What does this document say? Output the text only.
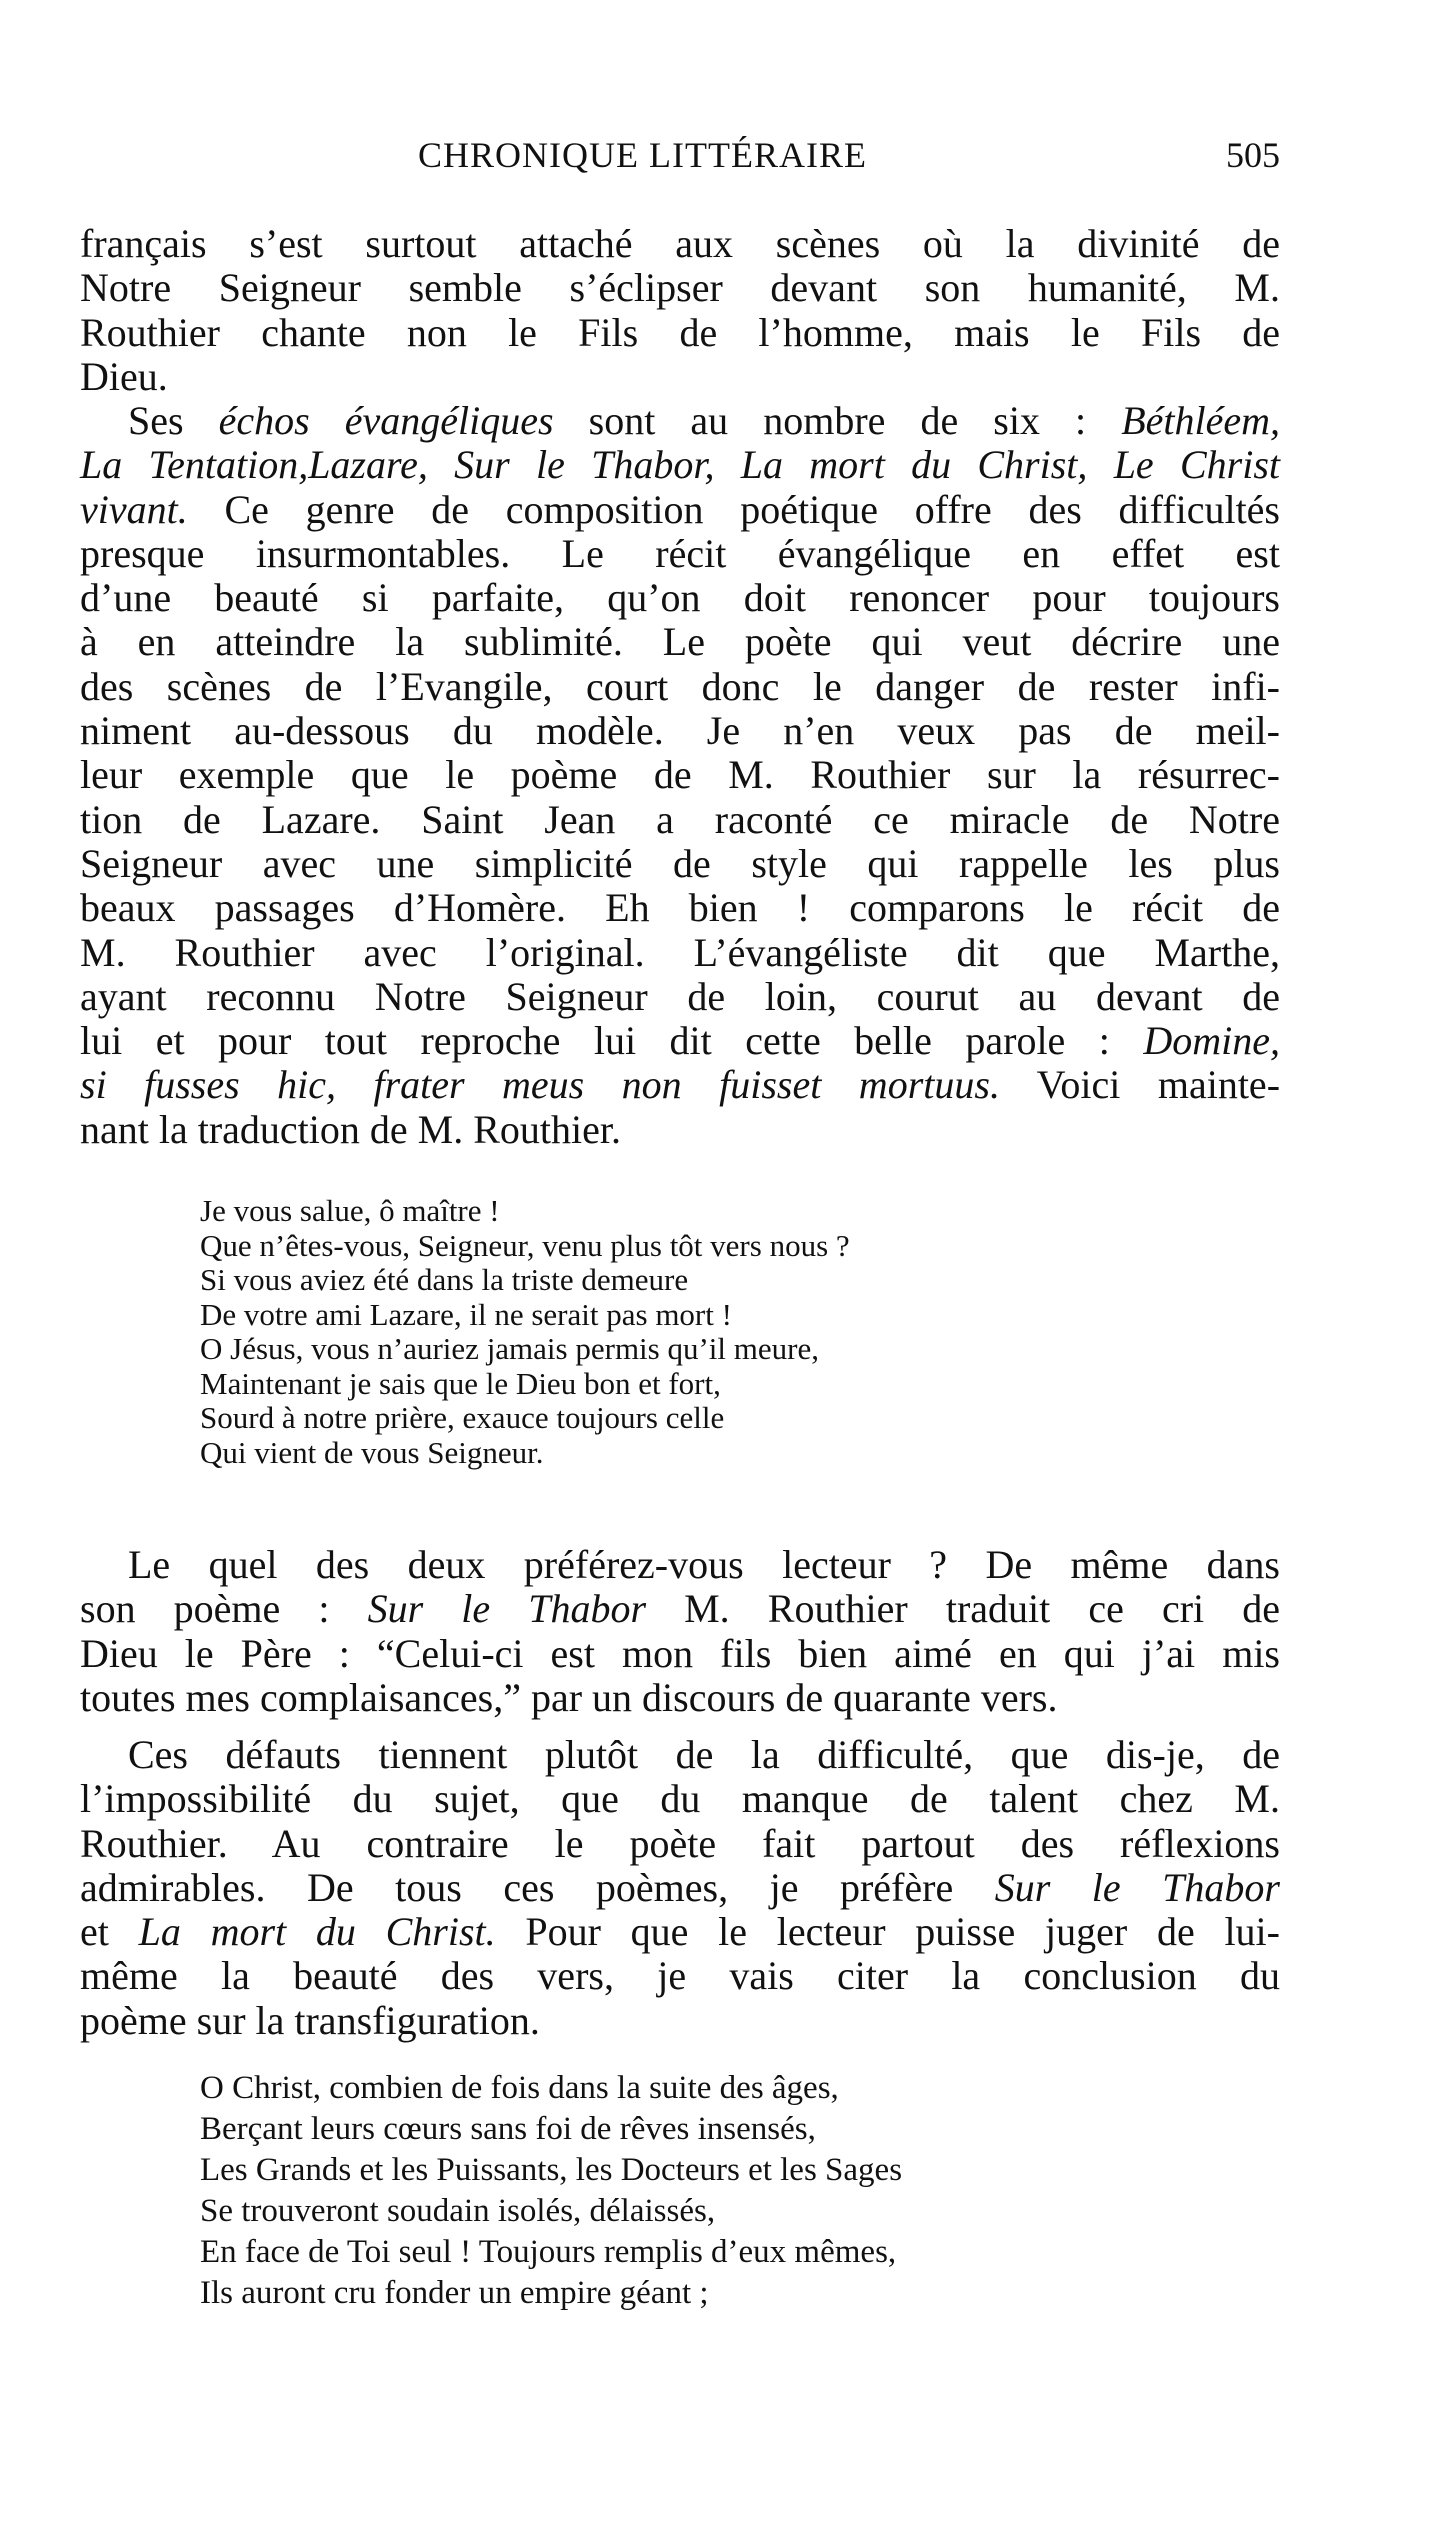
CHRONIQUE LITTÉRAIRE	505
français s’est surtout attaché aux scènes où la divinité de
Notre Seigneur semble s’éclipser devant son humanité, M.
Routhier chante non le Fils de l’homme, mais le Fils de
Dieu.
Ses échos évangéliques sont au nombre de six : Béthléem,
La Tentation,Lazare, Sur le Thabor, La mort du Christ, Le Christ
vivant. Ce genre de composition poétique offre des difficultés
presque insurmontables. Le récit évangélique en effet est
d’une beauté si parfaite, qu’on doit renoncer pour toujours
à en atteindre la sublimité. Le poète qui veut décrire une
des scènes de l’Evangile, court donc le danger de rester infi-
niment au-dessous du modèle. Je n’en veux pas de meil-
leur exemple que le poème de M. Routhier sur la résurrec-
tion de Lazare. Saint Jean a raconté ce miracle de Notre
Seigneur avec une simplicité de style qui rappelle les plus
beaux passages d’Homère. Eh bien ! comparons le récit de
M. Routhier avec l’original. L’évangéliste dit que Marthe,
ayant reconnu Notre Seigneur de loin, courut au devant de
lui et pour tout reproche lui dit cette belle parole : Domine,
si fusses hic, frater meus non fuisset mortuus. Voici mainte-
nant la traduction de M. Routhier.
Je vous salue, ô maître !
Que n’êtes-vous, Seigneur, venu plus tôt vers nous ?
Si vous aviez été dans la triste demeure
De votre ami Lazare, il ne serait pas mort !
O Jésus, vous n’auriez jamais permis qu’il meure,
Maintenant je sais que le Dieu bon et fort,
Sourd à notre prière, exauce toujours celle
Qui vient de vous Seigneur.
Le quel des deux préférez-vous lecteur ? De même dans
son poème : Sur le Thabor M. Routhier traduit ce cri de
Dieu le Père : “Celui-ci est mon fils bien aimé en qui j’ai mis
toutes mes complaisances,” par un discours de quarante vers.
Ces défauts tiennent plutôt de la difficulté, que dis-je, de
l’impossibilité du sujet, que du manque de talent chez M.
Routhier. Au contraire le poète fait partout des réflexions
admirables. De tous ces poèmes, je préfère Sur le Thabor
et La mort du Christ. Pour que le lecteur puisse juger de lui-
même la beauté des vers, je vais citer la conclusion du
poème sur la transfiguration.
O Christ, combien de fois dans la suite des âges,
Berçant leurs cœurs sans foi de rêves insensés,
Les Grands et les Puissants, les Docteurs et les Sages
Se trouveront soudain isolés, délaissés,
En face de Toi seul ! Toujours remplis d’eux mêmes,
Ils auront cru fonder un empire géant ;
